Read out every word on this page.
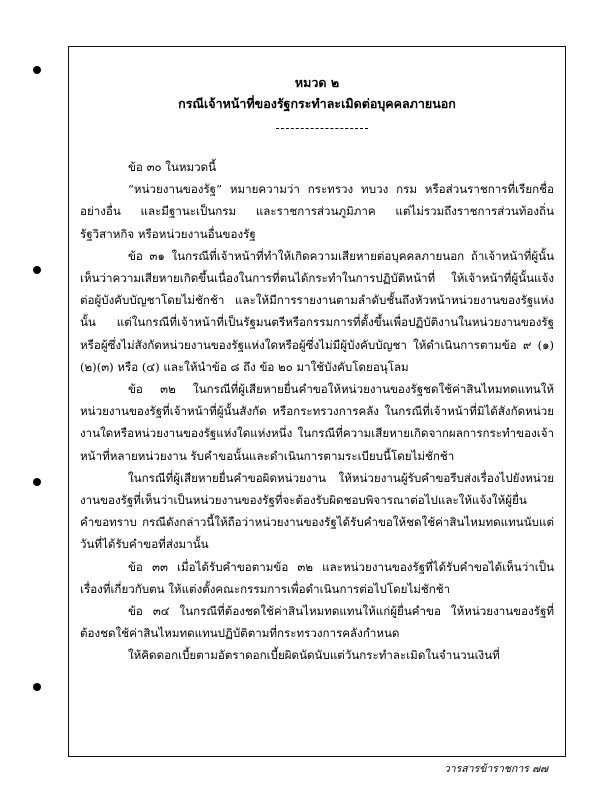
หมวด ๒
กรณีเจ้าหน้าที่ของรัฐกระทำละเมิดต่อบุคคลภายนอก

ข้อ ๓๐ ในหมวดนี้

“หน่วยงานของรัฐ” หมายความว่า กระทรวง ทบวง กรม หรือส่วนราชการที่เรียกชื่ออย่างอื่น และมีฐานะเป็นกรม และราชการส่วนภูมิภาค แต่ไม่รวมถึงราชการส่วนท้องถิ่น รัฐวิสาหกิจ หรือหน่วยงานอื่นของรัฐ

ข้อ ๓๑ ในกรณีที่เจ้าหน้าที่ทำให้เกิดความเสียหายต่อบุคคลภายนอก ถ้าเจ้าหน้าที่ผู้นั้นเห็นว่าความเสียหายเกิดขึ้นเนื่องในการที่ตนได้กระทำในการปฏิบัติหน้าที่ ให้เจ้าหน้าที่ผู้นั้นแจ้งต่อผู้บังคับบัญชาโดยไม่ชักช้า และให้มีการรายงานตามลำดับชั้นถึงหัวหน้าหน่วยงานของรัฐแห่งนั้น แต่ในกรณีที่เจ้าหน้าที่เป็นรัฐมนตรีหรือกรรมการที่ตั้งขึ้นเพื่อปฏิบัติงานในหน่วยงานของรัฐหรือผู้ซึ่งไม่สังกัดหน่วยงานของรัฐแห่งใดหรือผู้ซึ่งไม่มีผู้บังคับบัญชา ให้ดำเนินการตามข้อ ๙ (๑)(๒)(๓) หรือ (๔) และให้นำข้อ ๘ ถึง ข้อ ๒๐ มาใช้บังคับโดยอนุโลม

ข้อ ๓๒ ในกรณีที่ผู้เสียหายยื่นคำขอให้หน่วยงานของรัฐชดใช้ค่าสินไหมทดแทนให้หน่วยงานของรัฐที่เจ้าหน้าที่ผู้นั้นสังกัด หรือกระทรวงการคลัง ในกรณีที่เจ้าหน้าที่มิได้สังกัดหน่วยงานใดหรือหน่วยงานของรัฐแห่งใดแห่งหนึ่ง ในกรณีที่ความเสียหายเกิดจากผลการกระทำของเจ้าหน้าที่หลายหน่วยงาน รับคำขอนั้นและดำเนินการตามระเบียบนี้โดยไม่ชักช้า

ในกรณีที่ผู้เสียหายยื่นคำขอผิดหน่วยงาน ให้หน่วยงานผู้รับคำขอรีบส่งเรื่องไปยังหน่วยงานของรัฐที่เห็นว่าเป็นหน่วยงานของรัฐที่จะต้องรับผิดชอบพิจารณาต่อไปและให้แจ้งให้ผู้ยื่นคำขอทราบ กรณีดังกล่าวนี้ให้ถือว่าหน่วยงานของรัฐได้รับคำขอให้ชดใช้ค่าสินไหมทดแทนนับแต่วันที่ได้รับคำขอที่ส่งมานั้น

ข้อ ๓๓ เมื่อได้รับคำขอตามข้อ ๓๒ และหน่วยงานของรัฐที่ได้รับคำขอได้เห็นว่าเป็นเรื่องที่เกี่ยวกับตน ให้แต่งตั้งคณะกรรมการเพื่อดำเนินการต่อไปโดยไม่ชักช้า

ข้อ ๓๔ ในกรณีที่ต้องชดใช้ค่าสินไหมทดแทนให้แก่ผู้ยื่นคำขอ ให้หน่วยงานของรัฐที่ต้องชดใช้ค่าสินไหมทดแทนปฏิบัติตามที่กระทรวงการคลังกำหนด

ให้คิดดอกเบี้ยตามอัตราดอกเบี้ยผิดนัดนับแต่วันกระทำละเมิดในจำนวนเงินที่

วารสารข้าราชการ ๗๗
